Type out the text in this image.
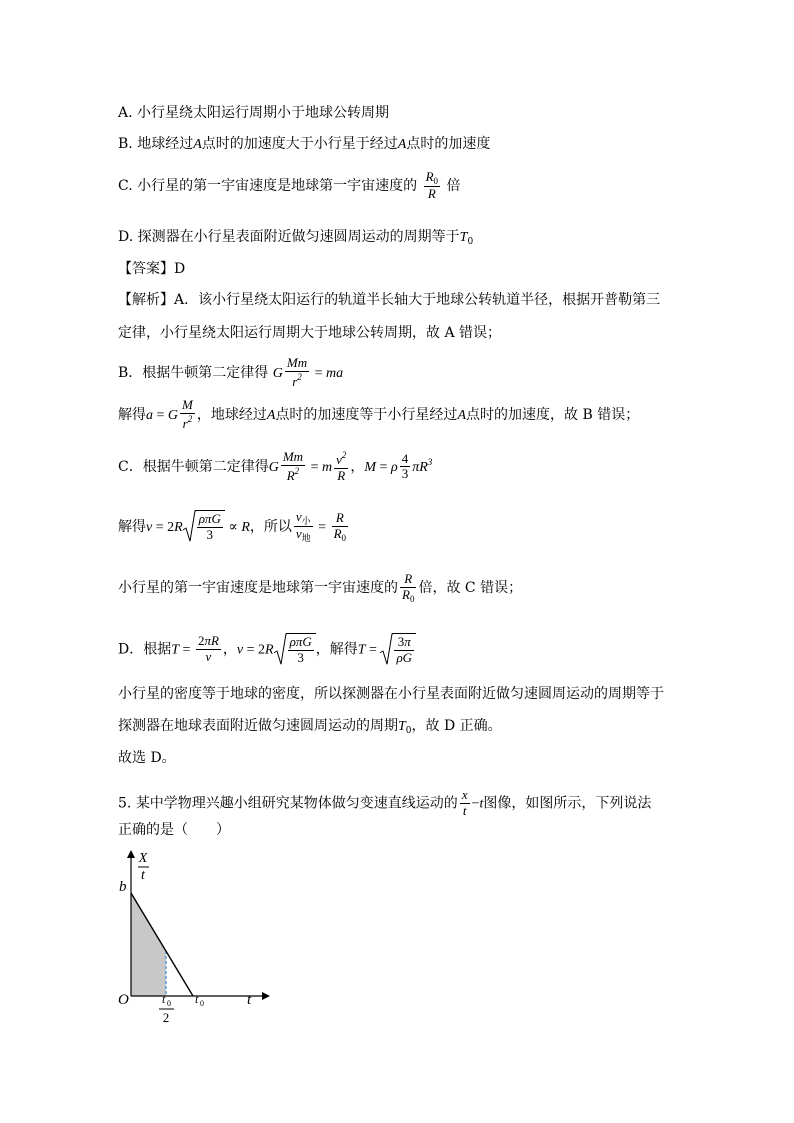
A. 小行星绕太阳运行周期小于地球公转周期
B. 地球经过A点时的加速度大于小行星于经过A点时的加速度
C. 小行星的第一宇宙速度是地球第一宇宙速度的 $\frac{R_0}{R}$ 倍
D. 探测器在小行星表面附近做匀速圆周运动的周期等于$T_0$
【答案】D
【解析】A．该小行星绕太阳运行的轨道半长轴大于地球公转轨道半径，根据开普勒第三
定律，小行星绕太阳运行周期大于地球公转周期，故 A 错误；
B．根据牛顿第二定律得 G $\frac{Mm}{r^2}$ = ma
解得a = G $\frac{M}{r^2}$ ，地球经过A点时的加速度等于小行星经过A点时的加速度，故 B 错误；
C．根据牛顿第二定律得G $\frac{Mm}{R^2} = m \frac{v^2}{R}$ ，M = ρ $\frac{4}{3} \pi R^3$
解得$v = 2R \frac{\text{ρπG}}{3} \propto R$，所以 $\frac{v_小}{v_地} = \frac{R}{R_0}$
小行星的第一宇宙速度是地球第一宇宙速度的 $\frac{R}{R_0}$ 倍，故 C 错误；
D．根据$T = \frac{2\pi R}{v}$ ，$v = 2R \frac{\text{ρπG}}{3}$ ，解得$T = \frac{3\pi}{\rho G}$
小行星的密度等于地球的密度，所以探测器在小行星表面附近做匀速圆周运动的周期等于
探测器在地球表面附近做匀速圆周运动的周期$T_0$，故 D 正确。
故选 D。
5. 某中学物理兴趣小组研究某物体做匀变速直线运动的 $\frac{x}{t} -t$图像，如图所示，下列说法
正确的是（　　）
X
t
b
O	t
t 0
2
t 0
